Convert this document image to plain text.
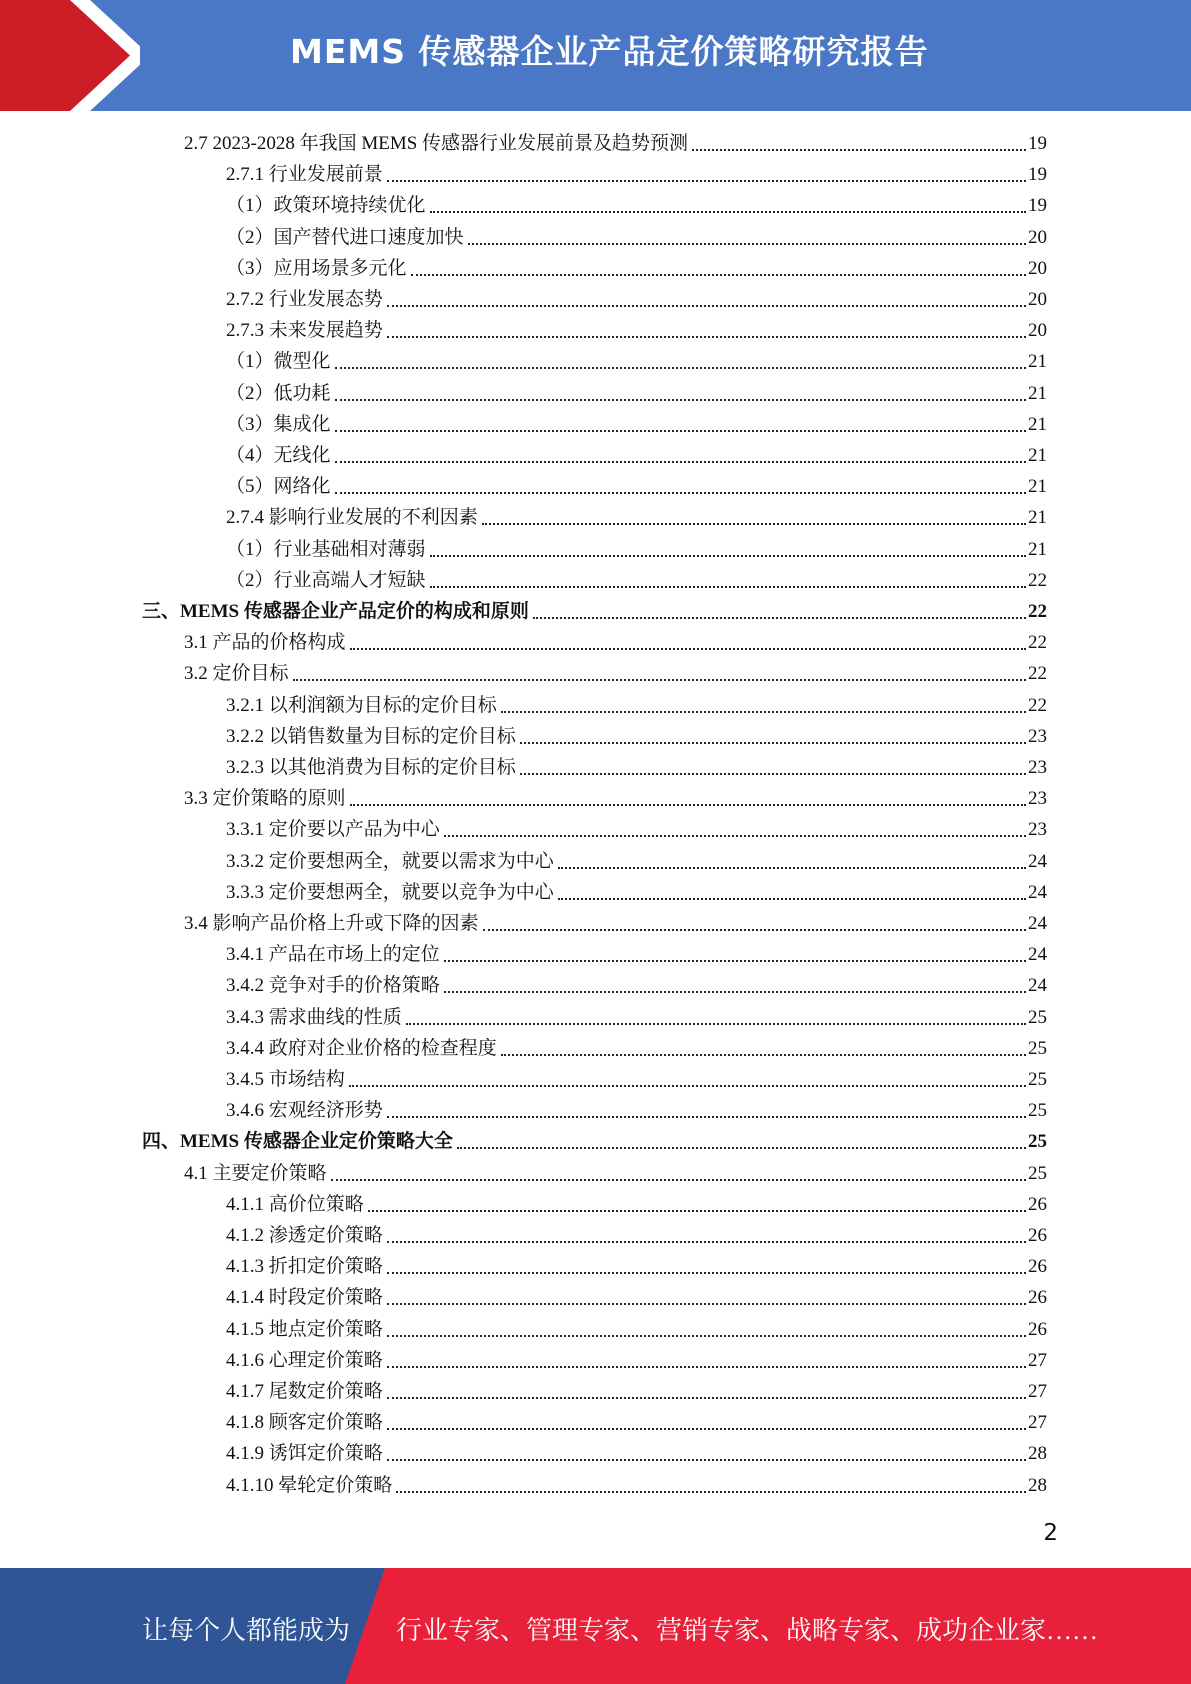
MEMS 传感器企业产品定价策略研究报告
2.7 2023-2028 年我国 MEMS 传感器行业发展前景及趋势预测	19
2.7.1 行业发展前景	19
（1）政策环境持续优化	19
（2）国产替代进口速度加快	20
（3）应用场景多元化	20
2.7.2 行业发展态势	20
2.7.3 未来发展趋势	20
（1）微型化	21
（2）低功耗	21
（3）集成化	21
（4）无线化	21
（5）网络化	21
2.7.4 影响行业发展的不利因素	21
（1）行业基础相对薄弱	21
（2）行业高端人才短缺	22
三、MEMS 传感器企业产品定价的构成和原则	22
3.1 产品的价格构成	22
3.2 定价目标	22
3.2.1 以利润额为目标的定价目标	22
3.2.2 以销售数量为目标的定价目标	23
3.2.3 以其他消费为目标的定价目标	23
3.3 定价策略的原则	23
3.3.1 定价要以产品为中心	23
3.3.2 定价要想两全，就要以需求为中心	24
3.3.3 定价要想两全，就要以竞争为中心	24
3.4 影响产品价格上升或下降的因素	24
3.4.1 产品在市场上的定位	24
3.4.2 竞争对手的价格策略	24
3.4.3 需求曲线的性质	25
3.4.4 政府对企业价格的检查程度	25
3.4.5 市场结构	25
3.4.6 宏观经济形势	25
四、MEMS 传感器企业定价策略大全	25
4.1 主要定价策略	25
4.1.1 高价位策略	26
4.1.2 渗透定价策略	26
4.1.3 折扣定价策略	26
4.1.4 时段定价策略	26
4.1.5 地点定价策略	26
4.1.6 心理定价策略	27
4.1.7 尾数定价策略	27
4.1.8 顾客定价策略	27
4.1.9 诱饵定价策略	28
4.1.10 晕轮定价策略	28
2
让每个人都能成为 行业专家、管理专家、营销专家、战略专家、成功企业家……
